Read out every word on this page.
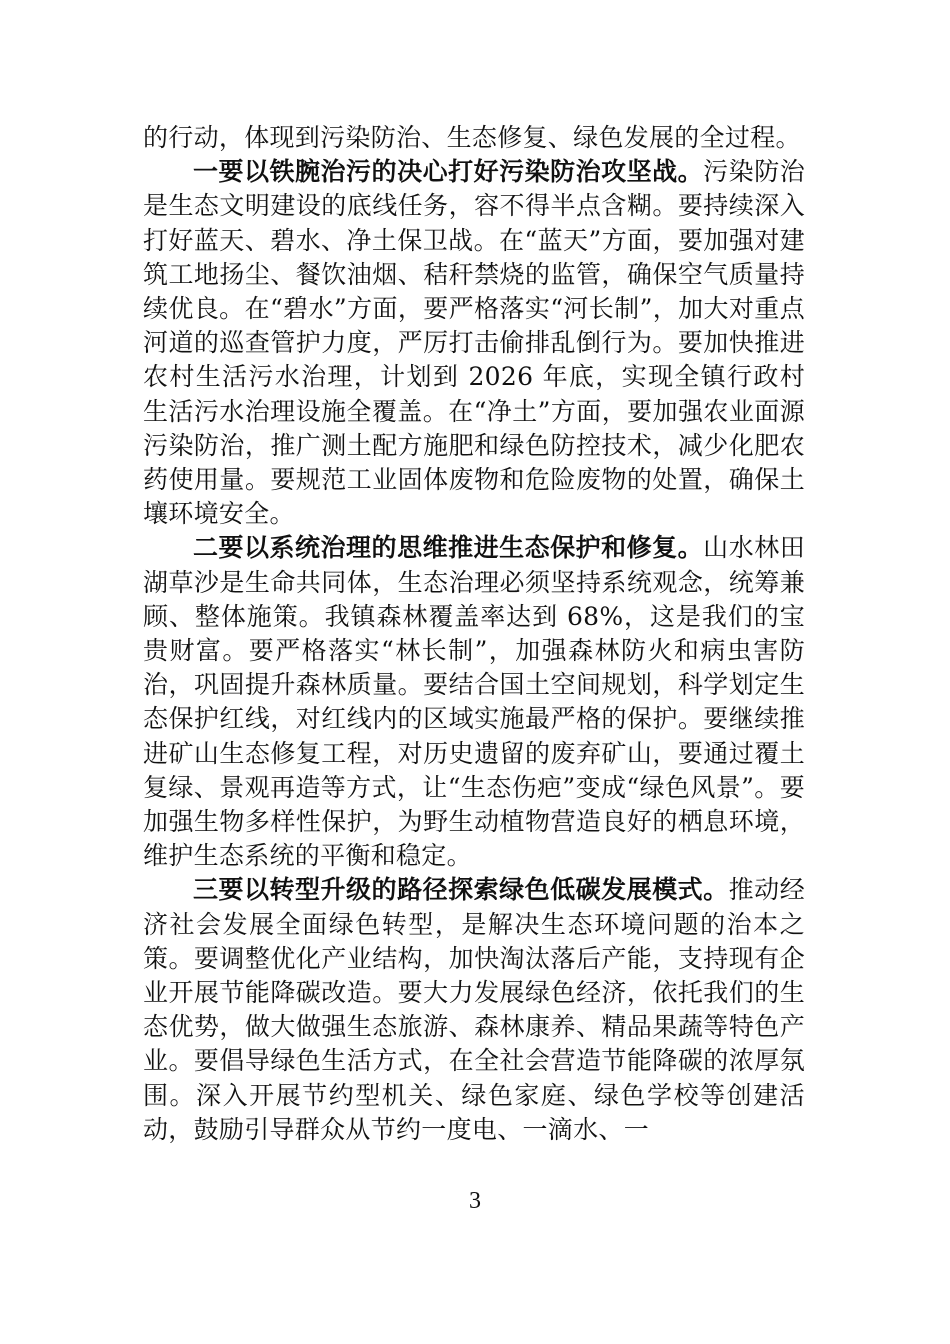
的行动，体现到污染防治、生态修复、绿色发展的全过程。

一要以铁腕治污的决心打好污染防治攻坚战。污染防治是生态文明建设的底线任务，容不得半点含糊。要持续深入打好蓝天、碧水、净土保卫战。在“蓝天”方面，要加强对建筑工地扬尘、餐饮油烟、秸秆禁烧的监管，确保空气质量持续优良。在“碧水”方面，要严格落实“河长制”，加大对重点河道的巡查管护力度，严厉打击偷排乱倒行为。要加快推进农村生活污水治理，计划到 2026 年底，实现全镇行政村生活污水治理设施全覆盖。在“净土”方面，要加强农业面源污染防治，推广测土配方施肥和绿色防控技术，减少化肥农药使用量。要规范工业固体废物和危险废物的处置，确保土壤环境安全。

二要以系统治理的思维推进生态保护和修复。山水林田湖草沙是生命共同体，生态治理必须坚持系统观念，统筹兼顾、整体施策。我镇森林覆盖率达到 68%，这是我们的宝贵财富。要严格落实“林长制”，加强森林防火和病虫害防治，巩固提升森林质量。要结合国土空间规划，科学划定生态保护红线，对红线内的区域实施最严格的保护。要继续推进矿山生态修复工程，对历史遗留的废弃矿山，要通过覆土复绿、景观再造等方式，让“生态伤疤”变成“绿色风景”。要加强生物多样性保护，为野生动植物营造良好的栖息环境，维护生态系统的平衡和稳定。

三要以转型升级的路径探索绿色低碳发展模式。推动经济社会发展全面绿色转型，是解决生态环境问题的治本之策。要调整优化产业结构，加快淘汰落后产能，支持现有企业开展节能降碳改造。要大力发展绿色经济，依托我们的生态优势，做大做强生态旅游、森林康养、精品果蔬等特色产业。要倡导绿色生活方式，在全社会营造节能降碳的浓厚氛围。深入开展节约型机关、绿色家庭、绿色学校等创建活动，鼓励引导群众从节约一度电、一滴水、一

3
